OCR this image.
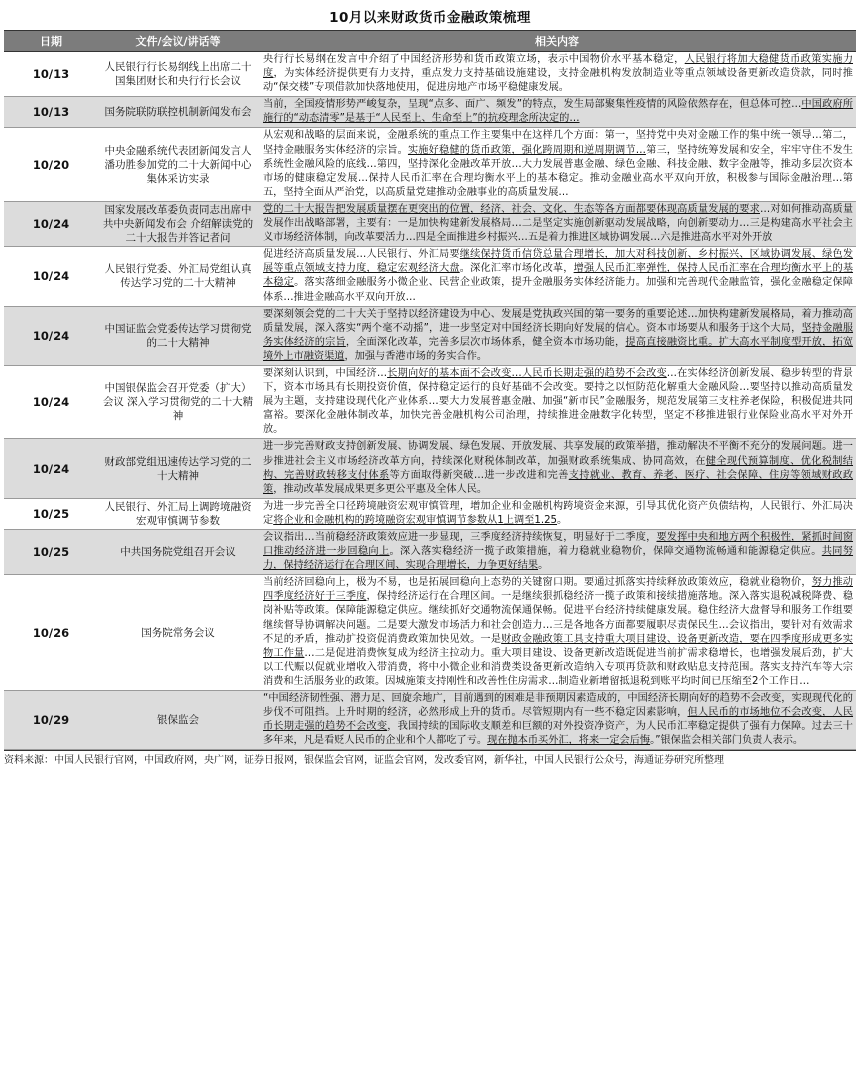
10月以来财政货币金融政策梳理
日期	文件/会议/讲话等	相关内容
10/13	人民银行行长易纲线上出席二十国集团财长和央行行长会议	央行行长易纲在发言中介绍了中国经济形势和货币政策立场，表示中国物价水平基本稳定，人民银行将加大稳健货币政策实施力度，为实体经济提供更有力支持，重点发力支持基础设施建设，支持金融机构发放制造业等重点领域设备更新改造贷款，同时推动“保交楼”专项借款加快落地使用，促进房地产市场平稳健康发展。
10/13	国务院联防联控机制新闻发布会	当前，全国疫情形势严峻复杂，呈现“点多、面广、频发”的特点，发生局部聚集性疫情的风险依然存在，但总体可控…中国政府所施行的“动态清零”是基于“人民至上、生命至上”的抗疫理念所决定的…
10/20	中央金融系统代表团新闻发言人潘功胜参加党的二十大新闻中心集体采访实录	从宏观和战略的层面来说，金融系统的重点工作主要集中在这样几个方面：第一，坚持党中央对金融工作的集中统一领导…第二，坚持金融服务实体经济的宗旨。实施好稳健的货币政策，强化跨周期和逆周期调节…第三，坚持统筹发展和安全，牢牢守住不发生系统性金融风险的底线…第四，坚持深化金融改革开放…大力发展普惠金融、绿色金融、科技金融、数字金融等，推动多层次资本市场的健康稳定发展…保持人民币汇率在合理均衡水平上的基本稳定。推动金融业高水平双向开放，积极参与国际金融治理…第五，坚持全面从严治党，以高质量党建推动金融事业的高质量发展…
10/24	国家发展改革委负责同志出席中共中央新闻发布会 介绍解读党的二十大报告并答记者问	党的二十大报告把发展质量摆在更突出的位置，经济、社会、文化、生态等各方面都要体现高质量发展的要求…对如何推动高质量发展作出战略部署，主要有：一是加快构建新发展格局…二是坚定实施创新驱动发展战略，向创新要动力…三是构建高水平社会主义市场经济体制，向改革要活力…四是全面推进乡村振兴…五是着力推进区域协调发展…六是推进高水平对外开放
10/24	人民银行党委、外汇局党组认真传达学习党的二十大精神	促进经济高质量发展…人民银行、外汇局要继续保持货币信贷总量合理增长，加大对科技创新、乡村振兴、区域协调发展、绿色发展等重点领域支持力度，稳定宏观经济大盘。深化汇率市场化改革，增强人民币汇率弹性，保持人民币汇率在合理均衡水平上的基本稳定。落实落细金融服务小微企业、民营企业政策，提升金融服务实体经济能力。加强和完善现代金融监管，强化金融稳定保障体系…推进金融高水平双向开放…
10/24	中国证监会党委传达学习贯彻党的二十大精神	要深刻领会党的二十大关于坚持以经济建设为中心、发展是党执政兴国的第一要务的重要论述…加快构建新发展格局，着力推动高质量发展，深入落实“两个毫不动摇”，进一步坚定对中国经济长期向好发展的信心。资本市场要从和服务于这个大局，坚持金融服务实体经济的宗旨，全面深化改革，完善多层次市场体系，健全资本市场功能，提高直接融资比重。扩大高水平制度型开放，拓宽境外上市融资渠道，加强与香港市场的务实合作。
10/24	中国银保监会召开党委（扩大）会议 深入学习贯彻党的二十大精神	要深刻认识到，中国经济…长期向好的基本面不会改变…人民币长期走强的趋势不会改变…在实体经济创新发展、稳步转型的背景下，资本市场具有长期投资价值，保持稳定运行的良好基础不会改变。要持之以恒防范化解重大金融风险…要坚持以推动高质量发展为主题，支持建设现代化产业体系…要大力发展普惠金融、加强“新市民”金融服务，规范发展第三支柱养老保险，积极促进共同富裕。要深化金融体制改革，加快完善金融机构公司治理，持续推进金融数字化转型，坚定不移推进银行业保险业高水平对外开放。
10/24	财政部党组迅速传达学习党的二十大精神	进一步完善财政支持创新发展、协调发展、绿色发展、开放发展、共享发展的政策举措，推动解决不平衡不充分的发展问题。进一步推进社会主义市场经济改革方向，持续深化财税体制改革，加强财政系统集成、协同高效，在健全现代预算制度、优化税制结构、完善财政转移支付体系等方面取得新突破…进一步改进和完善支持就业、教育、养老、医疗、社会保障、住房等领域财政政策，推动改革发展成果更多更公平惠及全体人民。
10/25	人民银行、外汇局上调跨境融资宏观审慎调节参数	为进一步完善全口径跨境融资宏观审慎管理，增加企业和金融机构跨境资金来源，引导其优化资产负债结构，人民银行、外汇局决定将企业和金融机构的跨境融资宏观审慎调节参数从1上调至1.25。
10/25	中共国务院党组召开会议	会议指出…当前稳经济政策效应进一步显现，三季度经济持续恢复，明显好于二季度，要发挥中央和地方两个积极性，紧抓时间窗口推动经济进一步回稳向上。深入落实稳经济一揽子政策措施，着力稳就业稳物价，保障交通物流畅通和能源稳定供应。共同努力，保持经济运行在合理区间、实现合理增长，力争更好结果。
10/26	国务院常务会议	当前经济回稳向上，极为不易，也是拓展回稳向上态势的关键窗口期。要通过抓落实持续释放政策效应，稳就业稳物价，努力推动四季度经济好于三季度，保持经济运行在合理区间。一是继续狠抓稳经济一揽子政策和接续措施落地。深入落实退税减税降费、稳岗补贴等政策。保障能源稳定供应。继续抓好交通物流保通保畅。促进平台经济持续健康发展。稳住经济大盘督导和服务工作组要继续督导协调解决问题。二是要大激发市场活力和社会创造力…三是各地各方面都要履职尽责保民生…会议指出，要针对有效需求不足的矛盾，推动扩投资促消费政策加快见效。一是财政金融政策工具支持重大项目建设、设备更新改造，要在四季度形成更多实物工作量…二是促进消费恢复成为经济主拉动力。重大项目建设、设备更新改造既促进当前扩需求稳增长，也增强发展后劲，扩大以工代赈以促就业增收入带消费，将中小微企业和消费类设备更新改造纳入专项再贷款和财政贴息支持范围。落实支持汽车等大宗消费和生活服务业的政策。因城施策支持刚性和改善性住房需求…制造业新增留抵退税到账平均时间已压缩至2个工作日…
10/29	银保监会	“中国经济韧性强、潜力足、回旋余地广，目前遇到的困难是非预期因素造成的，中国经济长期向好的趋势不会改变，实现现代化的步伐不可阻挡。上升时期的经济，必然形成上升的货币。尽管短期内有一些不稳定因素影响，但人民币的市场地位不会改变，人民币长期走强的趋势不会改变，我国持续的国际收支顺差和巨额的对外投资净资产，为人民币汇率稳定提供了强有力保障。过去三十多年来，凡是看贬人民币的企业和个人都吃了亏。现在抛本币买外汇，将来一定会后悔。”银保监会相关部门负责人表示。
资料来源：中国人民银行官网，中国政府网，央广网，证券日报网，银保监会官网，证监会官网，发改委官网，新华社，中国人民银行公众号，海通证券研究所整理
